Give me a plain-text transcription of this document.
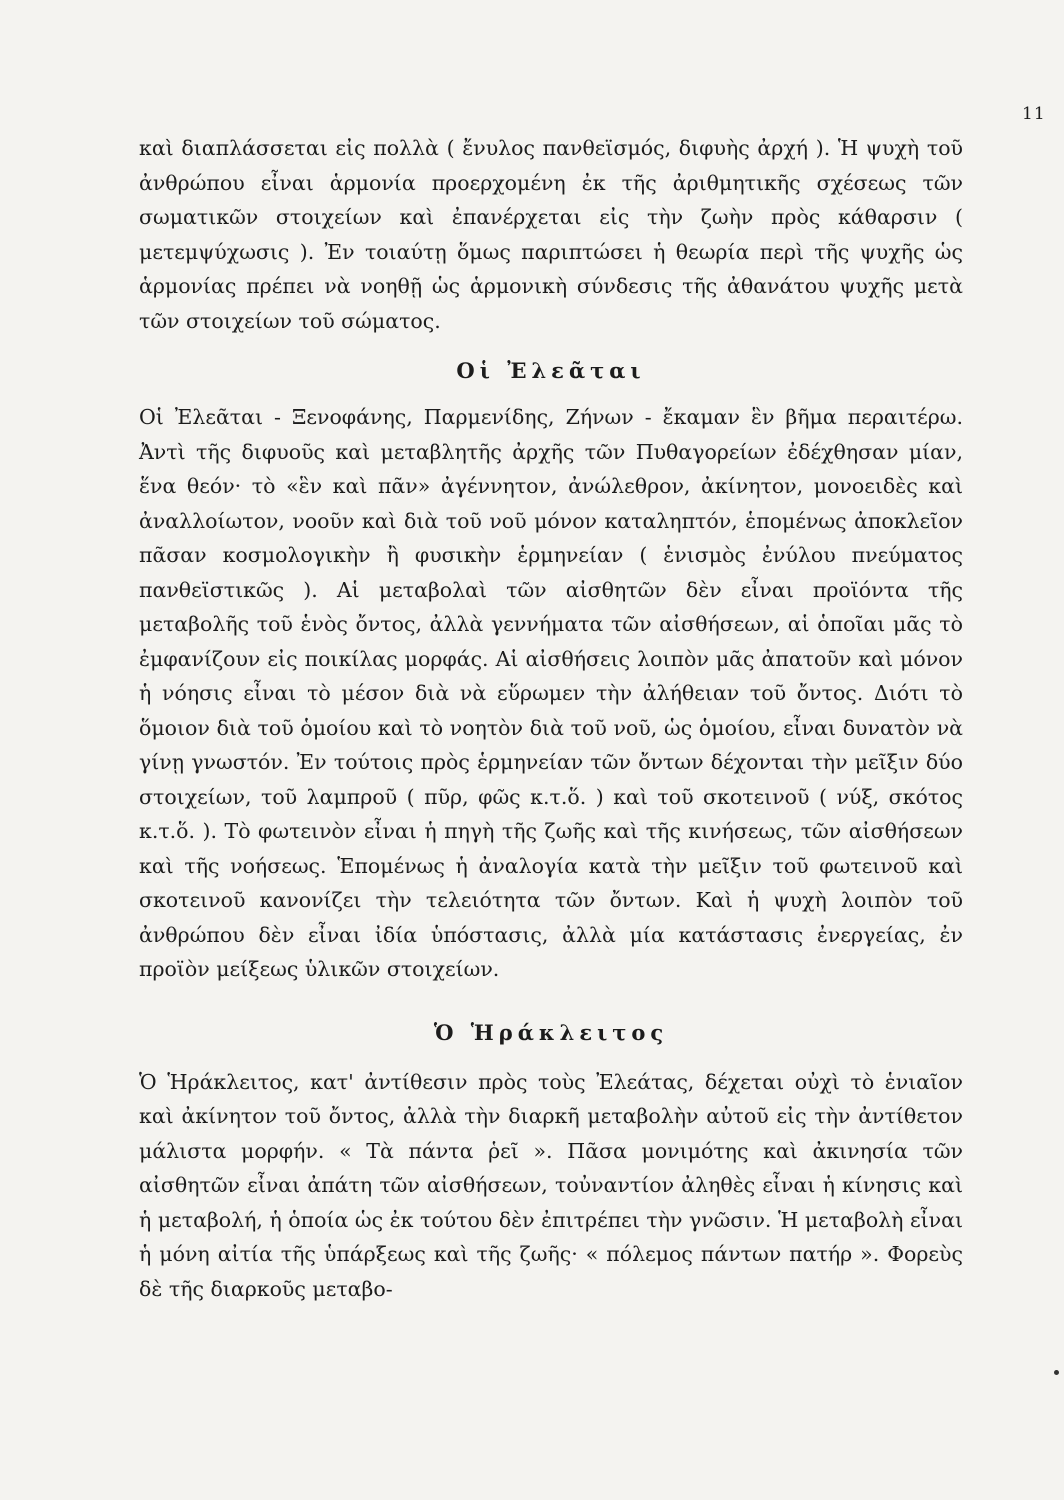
11

καὶ διαπλάσσεται εἰς πολλὰ ( ἔνυλος πανθεϊσμός, διφυὴς ἀρχή ). Ἡ ψυχὴ τοῦ ἀνθρώπου εἶναι ἁρμονία προερχομένη ἐκ τῆς ἀριθμητικῆς σχέσεως τῶν σωματικῶν στοιχείων καὶ ἐπανέρχεται εἰς τὴν ζωὴν πρὸς κάθαρσιν ( μετεμψύχωσις ). Ἐν τοιαύτῃ ὅμως παριπτώσει ἡ θεωρία περὶ τῆς ψυχῆς ὡς ἁρμονίας πρέπει νὰ νοηθῇ ὡς ἁρμονικὴ σύνδεσις τῆς ἀθανάτου ψυχῆς μετὰ τῶν στοιχείων τοῦ σώματος.

Οἱ Ἐλεᾶται

Οἱ Ἐλεᾶται - Ξενοφάνης, Παρμενίδης, Ζήνων - ἔκαμαν ἓν βῆμα περαιτέρω. Ἀντὶ τῆς διφυοῦς καὶ μεταβλητῆς ἀρχῆς τῶν Πυθαγορείων ἐδέχθησαν μίαν, ἕνα θεόν· τὸ «ἓν καὶ πᾶν» ἀγέννητον, ἀνώλεθρον, ἀκίνητον, μονοειδὲς καὶ ἀναλλοίωτον, νοοῦν καὶ διὰ τοῦ νοῦ μόνον καταληπτόν, ἑπομένως ἀποκλεῖον πᾶσαν κοσμολογικὴν ἢ φυσικὴν ἑρμηνείαν ( ἑνισμὸς ἐνύλου πνεύματος πανθεϊστικῶς ). Αἱ μεταβολαὶ τῶν αἰσθητῶν δὲν εἶναι προϊόντα τῆς μεταβολῆς τοῦ ἑνὸς ὄντος, ἀλλὰ γεννήματα τῶν αἰσθήσεων, αἱ ὁποῖαι μᾶς τὸ ἐμφανίζουν εἰς ποικίλας μορφάς. Αἱ αἰσθήσεις λοιπὸν μᾶς ἀπατοῦν καὶ μόνον ἡ νόησις εἶναι τὸ μέσον διὰ νὰ εὕρωμεν τὴν ἀλήθειαν τοῦ ὄντος. Διότι τὸ ὅμοιον διὰ τοῦ ὁμοίου καὶ τὸ νοητὸν διὰ τοῦ νοῦ, ὡς ὁμοίου, εἶναι δυνατὸν νὰ γίνῃ γνωστόν. Ἐν τούτοις πρὸς ἑρμηνείαν τῶν ὄντων δέχονται τὴν μεῖξιν δύο στοιχείων, τοῦ λαμπροῦ ( πῦρ, φῶς κ.τ.ὅ. ) καὶ τοῦ σκοτεινοῦ ( νύξ, σκότος κ.τ.ὅ. ). Τὸ φωτεινὸν εἶναι ἡ πηγὴ τῆς ζωῆς καὶ τῆς κινήσεως, τῶν αἰσθήσεων καὶ τῆς νοήσεως. Ἑπομένως ἡ ἀναλογία κατὰ τὴν μεῖξιν τοῦ φωτεινοῦ καὶ σκοτεινοῦ κανονίζει τὴν τελειότητα τῶν ὄντων. Καὶ ἡ ψυχὴ λοιπὸν τοῦ ἀνθρώπου δὲν εἶναι ἰδία ὑπόστασις, ἀλλὰ μία κατάστασις ἐνεργείας, ἐν προϊὸν μείξεως ὑλικῶν στοιχείων.

Ὁ Ἡράκλειτος

Ὁ Ἡράκλειτος, κατ' ἀντίθεσιν πρὸς τοὺς Ἐλεάτας, δέχεται οὐχὶ τὸ ἑνιαῖον καὶ ἀκίνητον τοῦ ὄντος, ἀλλὰ τὴν διαρκῆ μεταβολὴν αὐτοῦ εἰς τὴν ἀντίθετον μάλιστα μορφήν. « Τὰ πάντα ῥεῖ ». Πᾶσα μονιμότης καὶ ἀκινησία τῶν αἰσθητῶν εἶναι ἀπάτη τῶν αἰσθήσεων, τοὐναντίον ἀληθὲς εἶναι ἡ κίνησις καὶ ἡ μεταβολή, ἡ ὁποία ὡς ἐκ τούτου δὲν ἐπιτρέπει τὴν γνῶσιν. Ἡ μεταβολὴ εἶναι ἡ μόνη αἰτία τῆς ὑπάρξεως καὶ τῆς ζωῆς· « πόλεμος πάντων πατήρ ». Φορεὺς δὲ τῆς διαρκοῦς μεταβο-
